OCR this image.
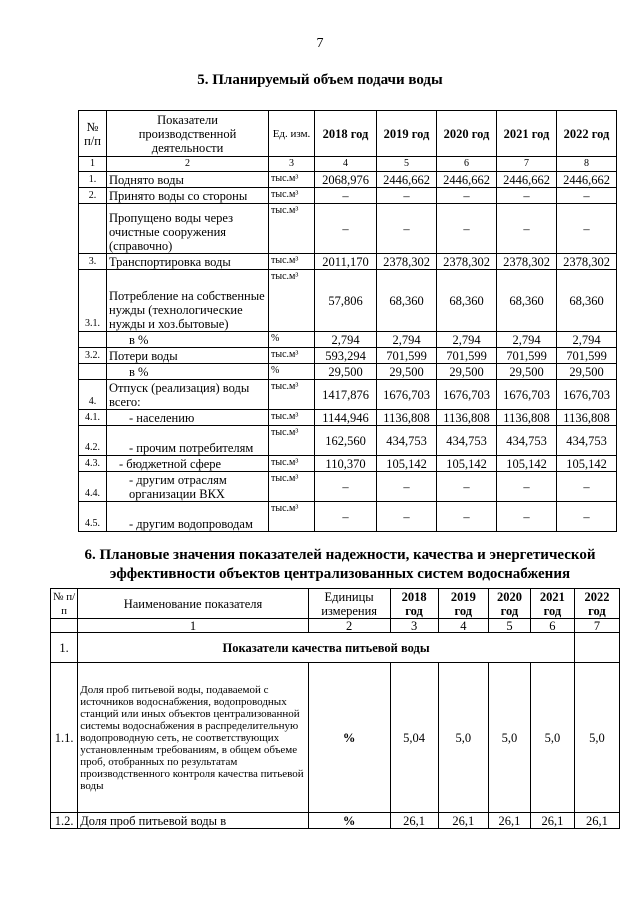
7
5. Планируемый объем подачи воды
№ п/п	Показатели производственной деятельности	Ед. изм.	2018 год	2019 год	2020 год	2021 год	2022 год
1	2	3	4	5	6	7	8
1.	Поднято воды	тыс.м³	2068,976	2446,662	2446,662	2446,662	2446,662
2.	Принято воды со стороны	тыс.м³	–	–	–	–	–
	Пропущено воды через очистные сооружения (справочно)	тыс.м³	–	–	–	–	–
3.	Транспортировка воды	тыс.м³	2011,170	2378,302	2378,302	2378,302	2378,302
3.1.	Потребление на собственные нужды (технологические нужды и хоз.бытовые)	тыс.м³	57,806	68,360	68,360	68,360	68,360
	в %	%	2,794	2,794	2,794	2,794	2,794
3.2.	Потери воды	тыс.м³	593,294	701,599	701,599	701,599	701,599
	в %	%	29,500	29,500	29,500	29,500	29,500
4.	Отпуск (реализация) воды всего:	тыс.м³	1417,876	1676,703	1676,703	1676,703	1676,703
4.1.	- населению	тыс.м³	1144,946	1136,808	1136,808	1136,808	1136,808
4.2.	- прочим потребителям	тыс.м³	162,560	434,753	434,753	434,753	434,753
4.3.	- бюджетной сфере	тыс.м³	110,370	105,142	105,142	105,142	105,142
4.4.	- другим отраслям организации ВКХ	тыс.м³	–	–	–	–	–
4.5.	- другим водопроводам	тыс.м³	–	–	–	–	–
6. Плановые значения показателей надежности, качества и энергетической эффективности объектов централизованных систем водоснабжения
№ п/п	Наименование показателя	Единицы измерения	2018 год	2019 год	2020 год	2021 год	2022 год
	1	2	3	4	5	6	7
1.	Показатели качества питьевой воды						
1.1.	Доля проб питьевой воды, подаваемой с источников водоснабжения, водопроводных станций или иных объектов централизованной системы водоснабжения в распределительную водопроводную сеть, не соответствующих установленным требованиям, в общем объеме проб, отобранных по результатам производственного контроля качества питьевой воды	%	5,04	5,0	5,0	5,0	5,0
1.2.	Доля проб питьевой воды в	%	26,1	26,1	26,1	26,1	26,1
